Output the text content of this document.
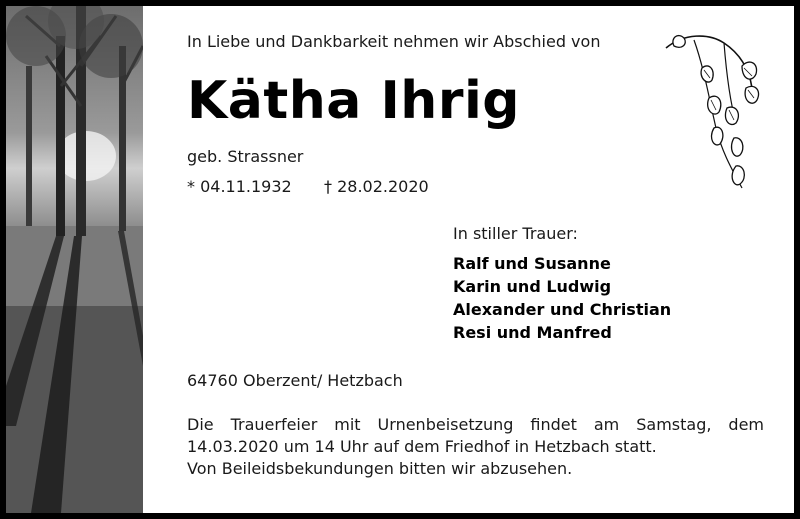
In Liebe und Dankbarkeit nehmen wir Abschied von
Kätha Ihrig
geb. Strassner
* 04.11.1932 † 28.02.2020
In stiller Trauer:
Ralf und Susanne
Karin und Ludwig
Alexander und Christian
Resi und Manfred
64760 Oberzent/ Hetzbach
Die Trauerfeier mit Urnenbeisetzung findet am Samstag, dem
14.03.2020 um 14 Uhr auf dem Friedhof in Hetzbach statt.
Von Beileidsbekundungen bitten wir abzusehen.
